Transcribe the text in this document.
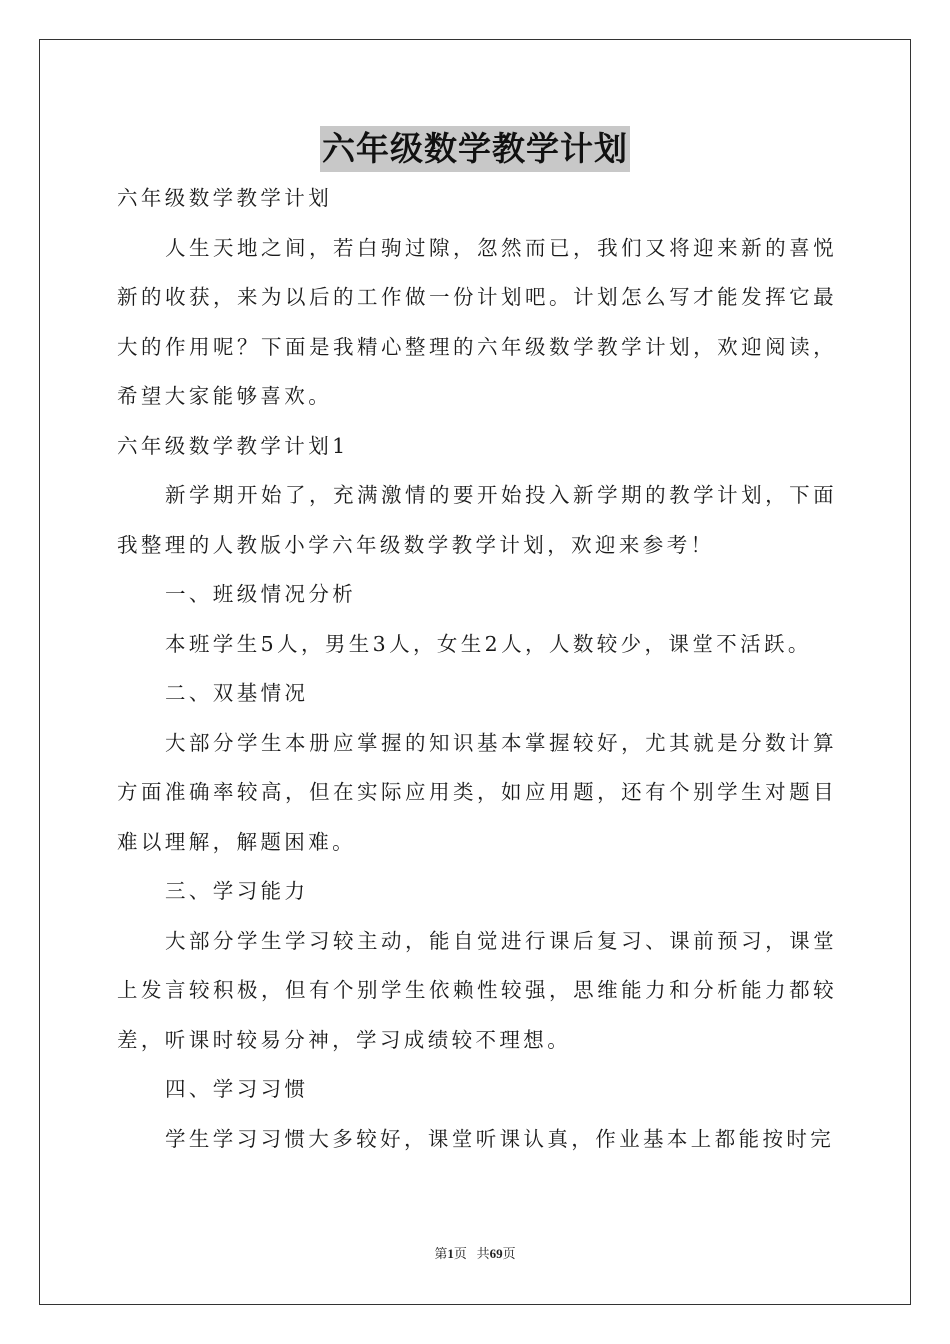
六年级数学教学计划

六年级数学教学计划

人生天地之间，若白驹过隙，忽然而已，我们又将迎来新的喜悦新的收获，来为以后的工作做一份计划吧。计划怎么写才能发挥它最大的作用呢？下面是我精心整理的六年级数学教学计划，欢迎阅读，希望大家能够喜欢。

六年级数学教学计划1

新学期开始了，充满激情的要开始投入新学期的教学计划，下面我整理的人教版小学六年级数学教学计划，欢迎来参考！

一、班级情况分析

本班学生5人，男生3人，女生2人，人数较少，课堂不活跃。

二、双基情况

大部分学生本册应掌握的知识基本掌握较好，尤其就是分数计算方面准确率较高，但在实际应用类，如应用题，还有个别学生对题目难以理解，解题困难。

三、学习能力

大部分学生学习较主动，能自觉进行课后复习、课前预习，课堂上发言较积极，但有个别学生依赖性较强，思维能力和分析能力都较差，听课时较易分神，学习成绩较不理想。

四、学习习惯

学生学习习惯大多较好，课堂听课认真，作业基本上都能按时完

第1页 共69页
